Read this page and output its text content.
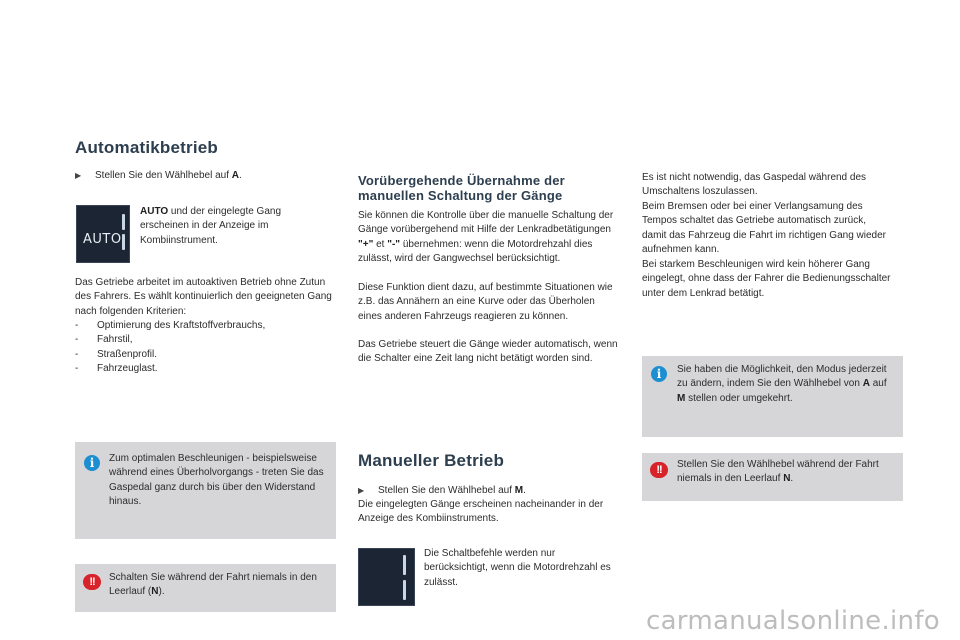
Automatikbetrieb
▶︎ Stellen Sie den Wählhebel auf A.
AUTO
AUTO und der eingelegte Gang erscheinen in der Anzeige im Kombiinstrument.

Das Getriebe arbeitet im autoaktiven Betrieb ohne Zutun des Fahrers. Es wählt kontinuierlich den geeigneten Gang nach folgenden Kriterien:

- Optimierung des Kraftstoffverbrauchs,
- Fahrstil,
- Straßenprofil.
- Fahrzeuglast.
i	Zum optimalen Beschleunigen - beispielsweise während eines Überholvorgangs - treten Sie das Gaspedal ganz durch bis über den Widerstand hinaus.

!!	Schalten Sie während der Fahrt niemals in den Leerlauf (N).

Vorübergehende Übernahme der manuellen Schaltung der Gänge

Sie können die Kontrolle über die manuelle Schaltung der Gänge vorübergehend mit Hilfe der Lenkradbetätigungen "+" et "-" übernehmen: wenn die Motordrehzahl dies zulässt, wird der Gangwechsel berücksichtigt.

Diese Funktion dient dazu, auf bestimmte Situationen wie z.B. das Annähern an eine Kurve oder das Überholen eines anderen Fahrzeugs reagieren zu können.

Das Getriebe steuert die Gänge wieder automatisch, wenn die Schalter eine Zeit lang nicht betätigt worden sind.

Manueller Betrieb
▶︎ Stellen Sie den Wählhebel auf M.

Die eingelegten Gänge erscheinen nacheinander in der Anzeige des Kombiinstruments.

Die Schaltbefehle werden nur berücksichtigt, wenn die Motordrehzahl es zulässt.

Es ist nicht notwendig, das Gaspedal während des Umschaltens loszulassen.

Beim Bremsen oder bei einer Verlangsamung des Tempos schaltet das Getriebe automatisch zurück, damit das Fahrzeug die Fahrt im richtigen Gang wieder aufnehmen kann.

Bei starkem Beschleunigen wird kein höherer Gang eingelegt, ohne dass der Fahrer die Bedienungsschalter unter dem Lenkrad betätigt.

i	Sie haben die Möglichkeit, den Modus jederzeit zu ändern, indem Sie den Wählhebel von A auf M stellen oder umgekehrt.

!!	Stellen Sie den Wählhebel während der Fahrt niemals in den Leerlauf N.

carmanualsonline.info
